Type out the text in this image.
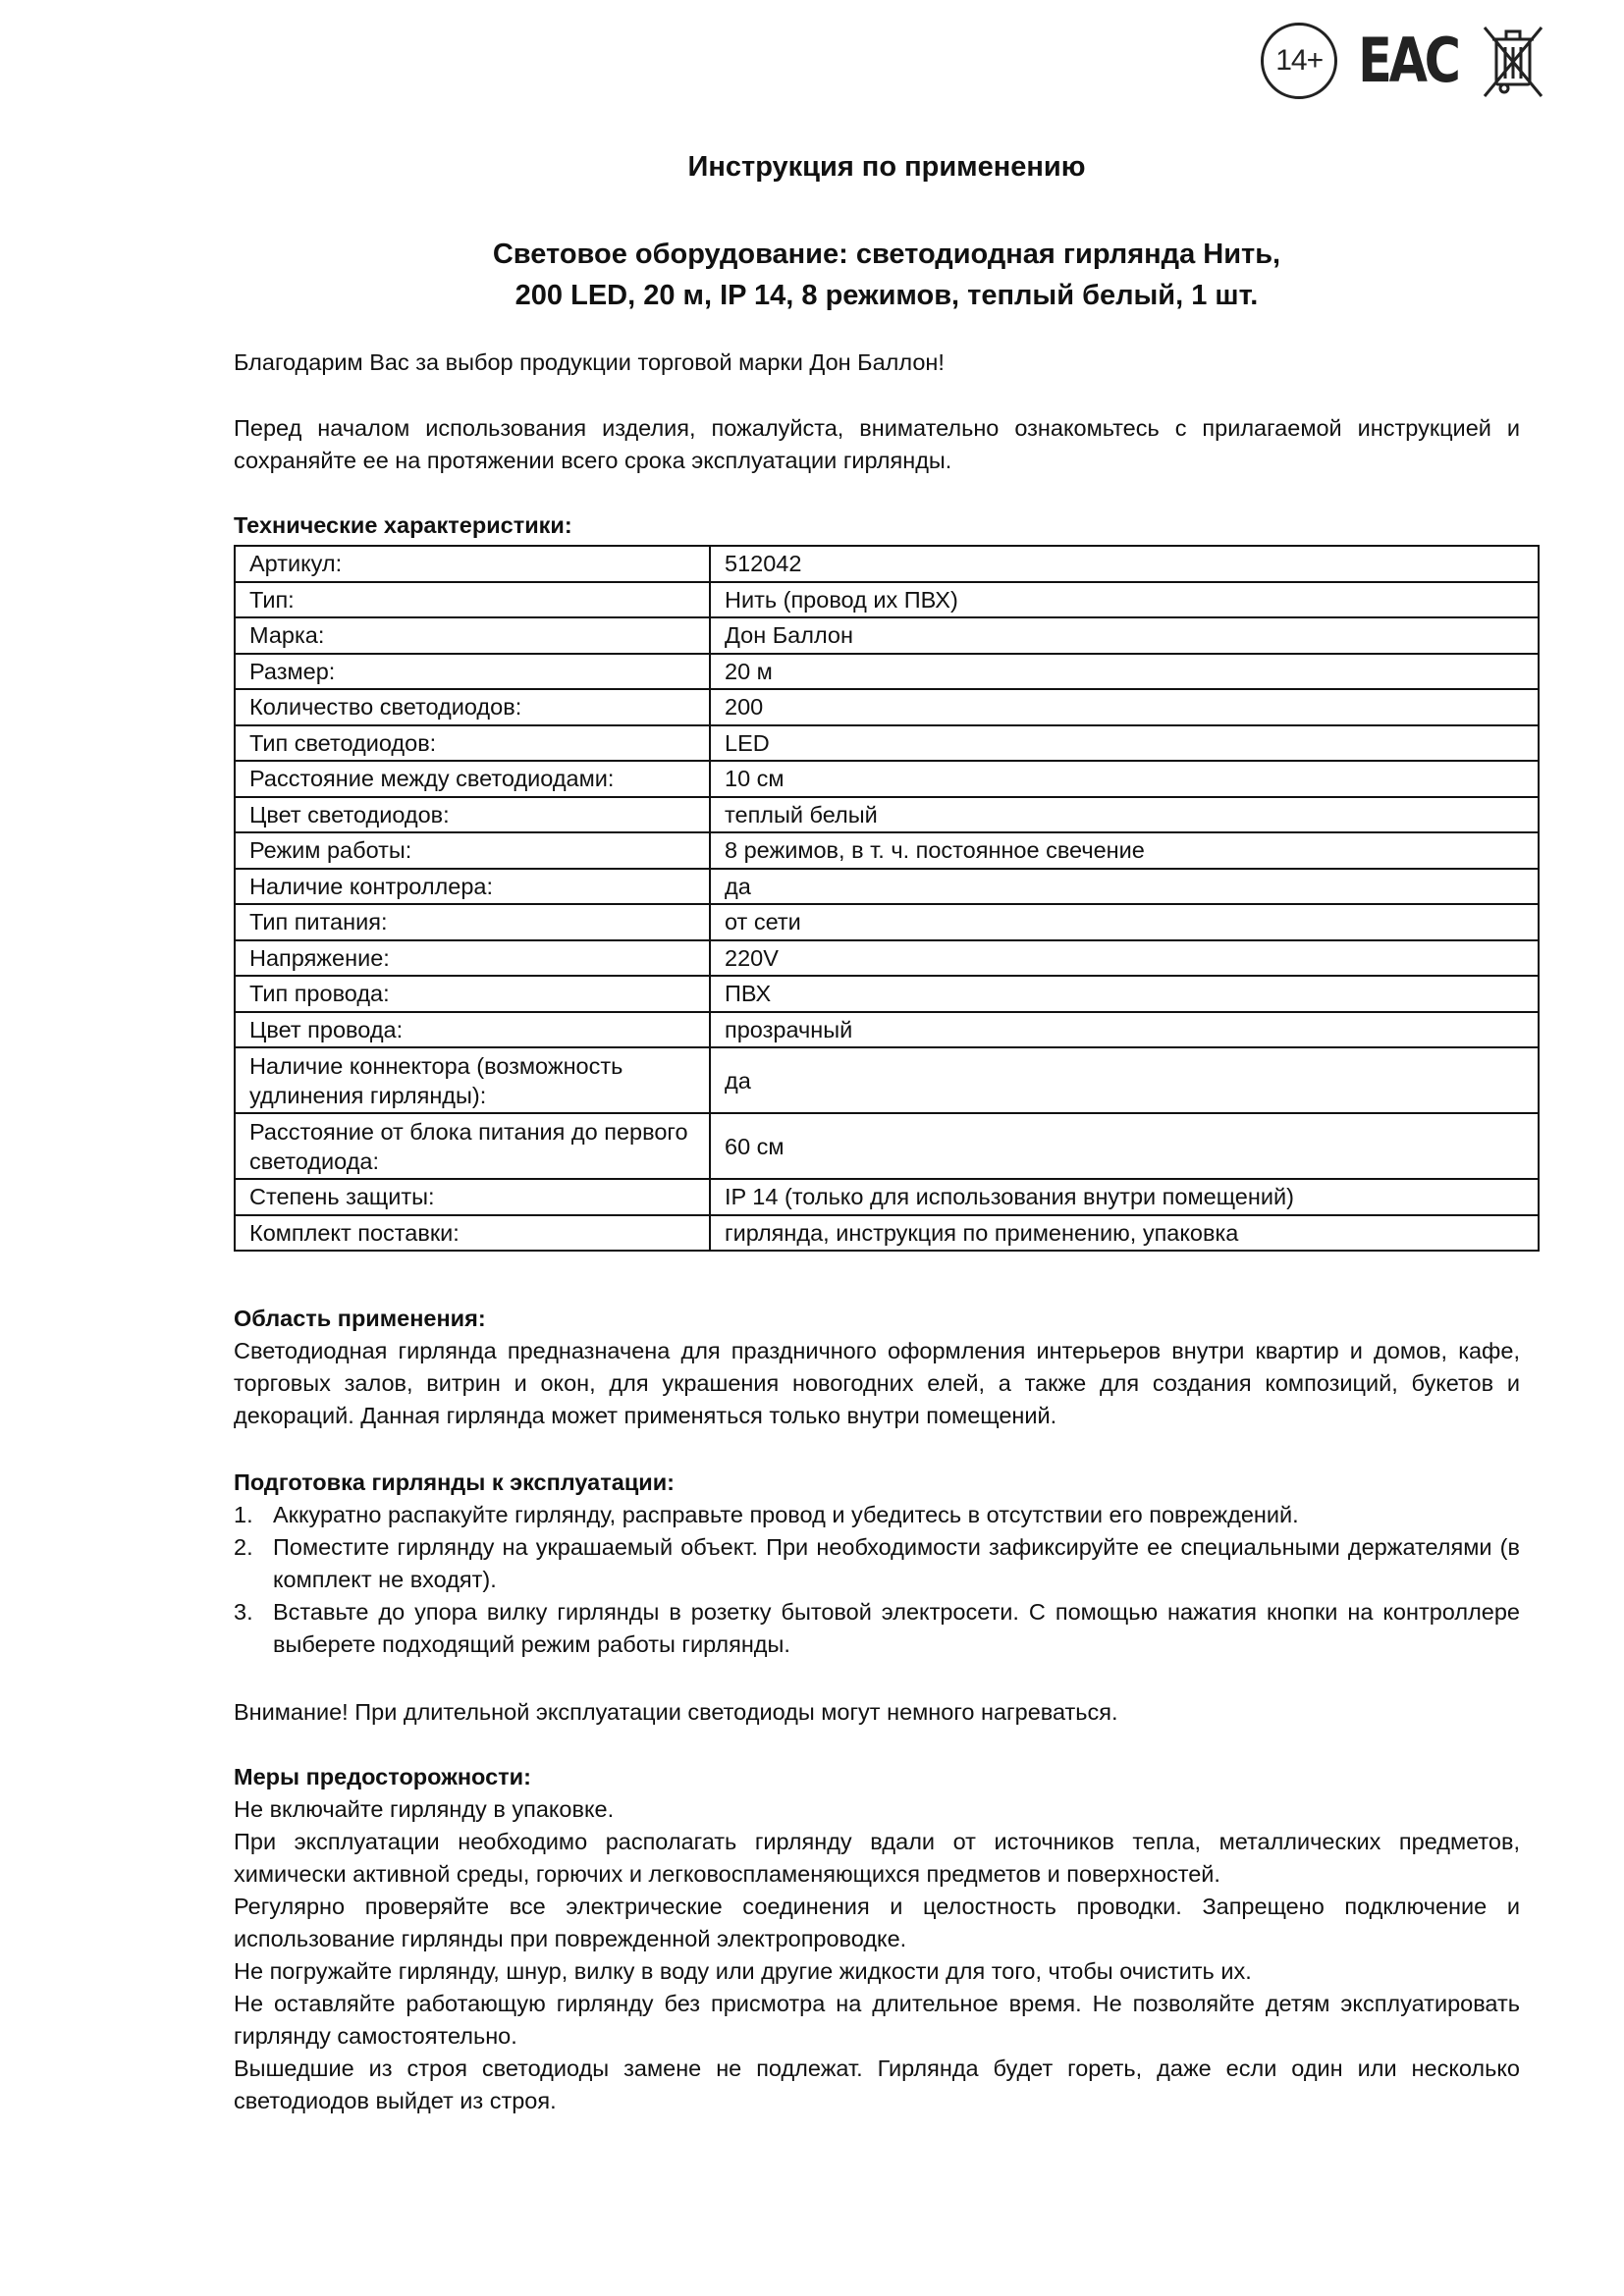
14+ EAC
Инструкция по применению
Световое оборудование: светодиодная гирлянда Нить,
200 LED, 20 м, IP 14, 8 режимов, теплый белый, 1 шт.
Благодарим Вас за выбор продукции торговой марки Дон Баллон!
Перед началом использования изделия, пожалуйста, внимательно ознакомьтесь с прилагаемой инструкцией и сохраняйте ее на протяжении всего срока эксплуатации гирлянды.
Технические характеристики:
Артикул:	512042
Тип:	Нить (провод их ПВХ)
Марка:	Дон Баллон
Размер:	20 м
Количество светодиодов:	200
Тип светодиодов:	LED
Расстояние между светодиодами:	10 см
Цвет светодиодов:	теплый белый
Режим работы:	8 режимов, в т. ч. постоянное свечение
Наличие контроллера:	да
Тип питания:	от сети
Напряжение:	220V
Тип провода:	ПВХ
Цвет провода:	прозрачный
Наличие коннектора (возможность удлинения гирлянды):	да
Расстояние от блока питания до первого светодиода:	60 см
Степень защиты:	IP 14 (только для использования внутри помещений)
Комплект поставки:	гирлянда, инструкция по применению, упаковка
Область применения:
Светодиодная гирлянда предназначена для праздничного оформления интерьеров внутри квартир и домов, кафе, торговых залов, витрин и окон, для украшения новогодних елей, а также для создания композиций, букетов и декораций. Данная гирлянда может применяться только внутри помещений.
Подготовка гирлянды к эксплуатации:
1. Аккуратно распакуйте гирлянду, расправьте провод и убедитесь в отсутствии его повреждений.
2. Поместите гирлянду на украшаемый объект. При необходимости зафиксируйте ее специальными держателями (в комплект не входят).
3. Вставьте до упора вилку гирлянды в розетку бытовой электросети. С помощью нажатия кнопки на контроллере выберете подходящий режим работы гирлянды.
Внимание! При длительной эксплуатации светодиоды могут немного нагреваться.
Меры предосторожности:
Не включайте гирлянду в упаковке.
При эксплуатации необходимо располагать гирлянду вдали от источников тепла, металлических предметов, химически активной среды, горючих и легковоспламеняющихся предметов и поверхностей.
Регулярно проверяйте все электрические соединения и целостность проводки. Запрещено подключение и использование гирлянды при поврежденной электропроводке.
Не погружайте гирлянду, шнур, вилку в воду или другие жидкости для того, чтобы очистить их.
Не оставляйте работающую гирлянду без присмотра на длительное время. Не позволяйте детям эксплуатировать гирлянду самостоятельно.
Вышедшие из строя светодиоды замене не подлежат. Гирлянда будет гореть, даже если один или несколько светодиодов выйдет из строя.
